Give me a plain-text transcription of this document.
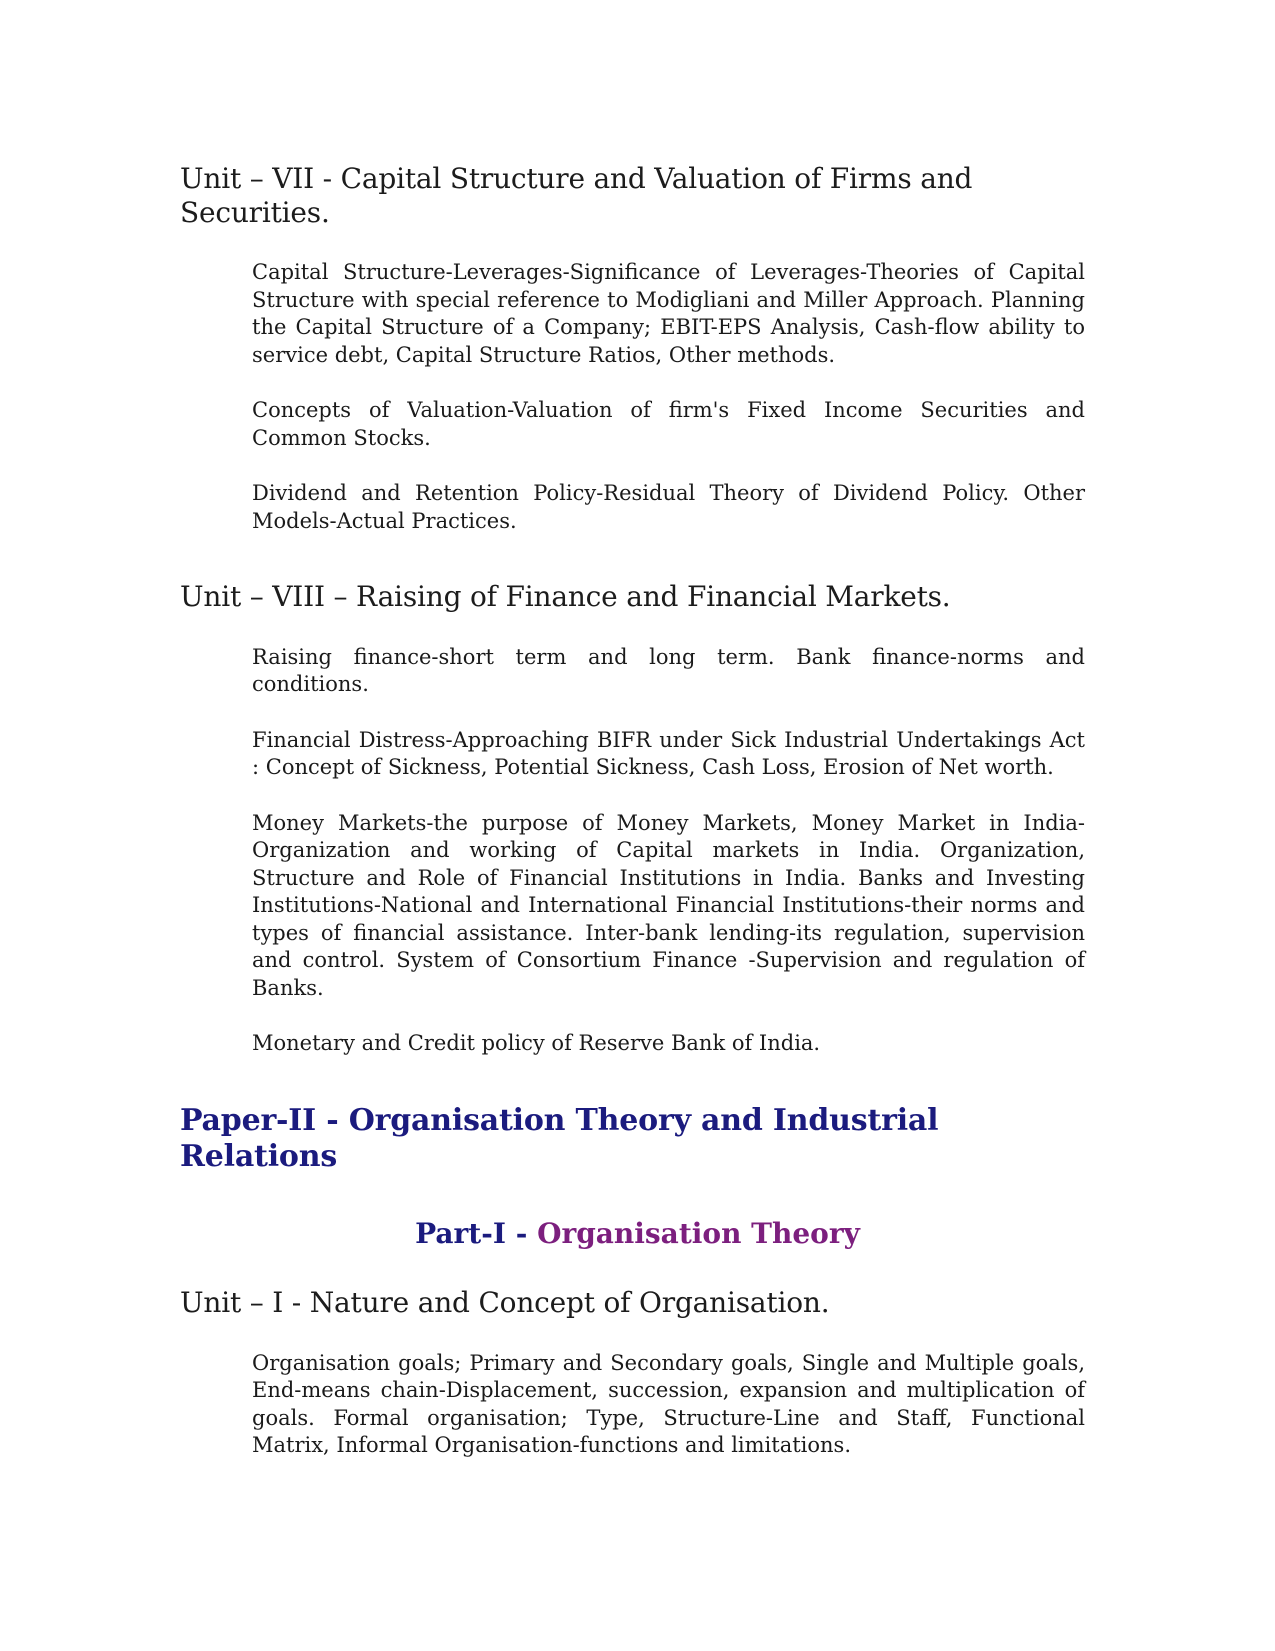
Unit – VII - Capital Structure and Valuation of Firms and Securities.

Capital Structure-Leverages-Significance of Leverages-Theories of Capital Structure with special reference to Modigliani and Miller Approach. Planning the Capital Structure of a Company; EBIT-EPS Analysis, Cash-flow ability to service debt, Capital Structure Ratios, Other methods.

Concepts of Valuation-Valuation of firm's Fixed Income Securities and Common Stocks.

Dividend and Retention Policy-Residual Theory of Dividend Policy. Other Models-Actual Practices.

Unit – VIII – Raising of Finance and Financial Markets.

Raising finance-short term and long term. Bank finance-norms and conditions.

Financial Distress-Approaching BIFR under Sick Industrial Undertakings Act : Concept of Sickness, Potential Sickness, Cash Loss, Erosion of Net worth.

Money Markets-the purpose of Money Markets, Money Market in India-Organization and working of Capital markets in India. Organization, Structure and Role of Financial Institutions in India. Banks and Investing Institutions-National and International Financial Institutions-their norms and types of financial assistance. Inter-bank lending-its regulation, supervision and control. System of Consortium Finance -Supervision and regulation of Banks.

Monetary and Credit policy of Reserve Bank of India.

Paper-II - Organisation Theory and Industrial Relations
Part-I - Organisation Theory
Unit – I - Nature and Concept of Organisation.

Organisation goals; Primary and Secondary goals, Single and Multiple goals, End-means chain-Displacement, succession, expansion and multiplication of goals. Formal organisation; Type, Structure-Line and Staff, Functional Matrix, Informal Organisation-functions and limitations.
